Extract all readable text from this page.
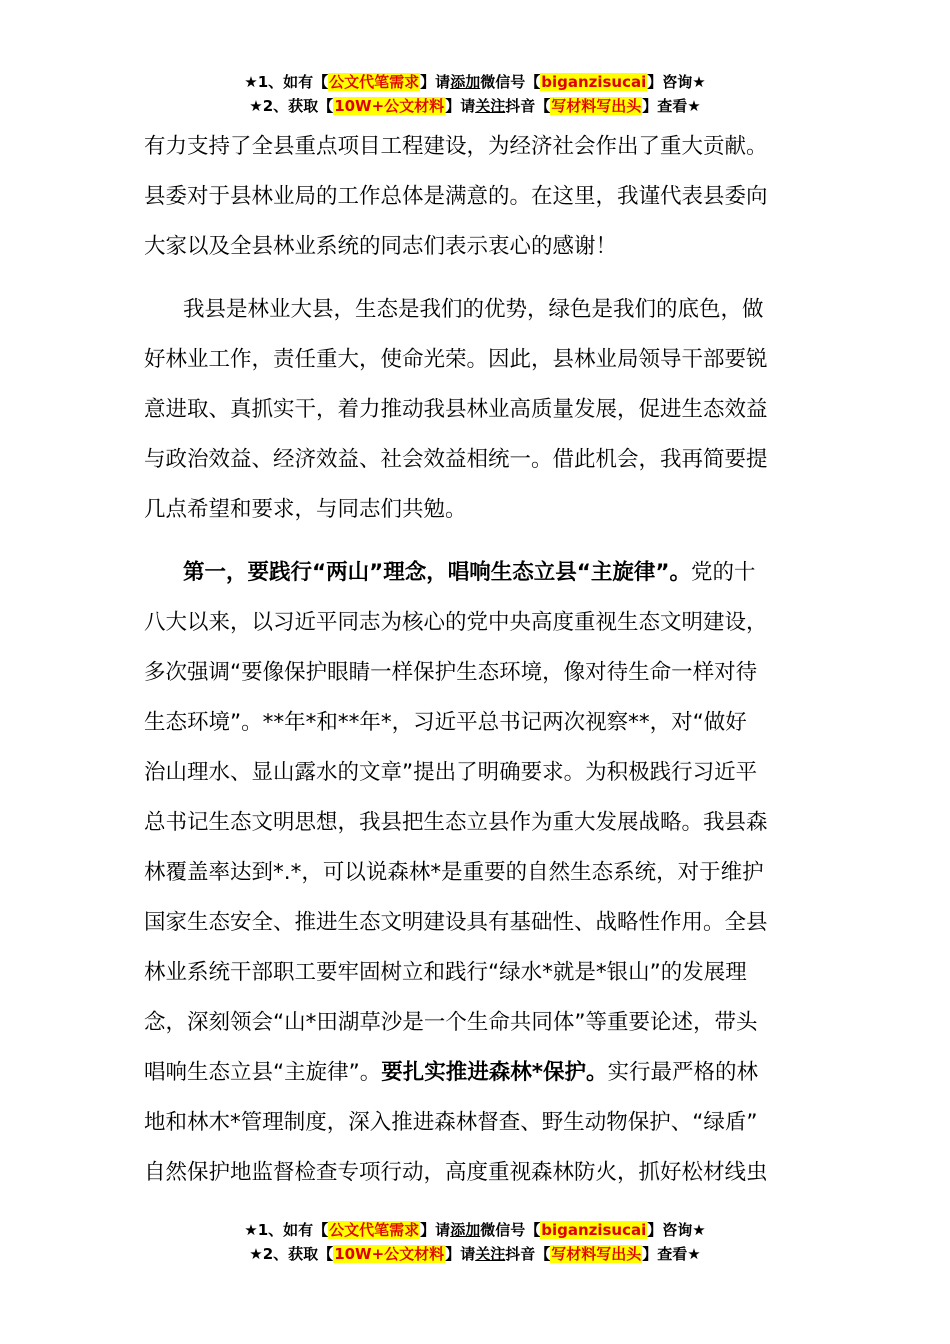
★1、如有【公文代笔需求】请添加微信号【biganzisucai】咨询★
★2、获取【10W+公文材料】请关注抖音【写材料写出头】查看★
有力支持了全县重点项目工程建设，为经济社会作出了重大贡献。
县委对于县林业局的工作总体是满意的。在这里，我谨代表县委向
大家以及全县林业系统的同志们表示衷心的感谢！
我县是林业大县，生态是我们的优势，绿色是我们的底色，做
好林业工作，责任重大，使命光荣。因此，县林业局领导干部要锐
意进取、真抓实干，着力推动我县林业高质量发展，促进生态效益
与政治效益、经济效益、社会效益相统一。借此机会，我再简要提
几点希望和要求，与同志们共勉。
第一，要践行“两山”理念，唱响生态立县“主旋律”。党的十
八大以来，以习近平同志为核心的党中央高度重视生态文明建设，
多次强调“要像保护眼睛一样保护生态环境，像对待生命一样对待
生态环境”。**年*和**年*，习近平总书记两次视察**，对“做好
治山理水、显山露水的文章”提出了明确要求。为积极践行习近平
总书记生态文明思想，我县把生态立县作为重大发展战略。我县森
林覆盖率达到*.*，可以说森林*是重要的自然生态系统，对于维护
国家生态安全、推进生态文明建设具有基础性、战略性作用。全县
林业系统干部职工要牢固树立和践行“绿水*就是*银山”的发展理
念，深刻领会“山*田湖草沙是一个生命共同体”等重要论述，带头
唱响生态立县“主旋律”。要扎实推进森林*保护。实行最严格的林
地和林木*管理制度，深入推进森林督查、野生动物保护、“绿盾”
自然保护地监督检查专项行动，高度重视森林防火，抓好松材线虫
★1、如有【公文代笔需求】请添加微信号【biganzisucai】咨询★
★2、获取【10W+公文材料】请关注抖音【写材料写出头】查看★
